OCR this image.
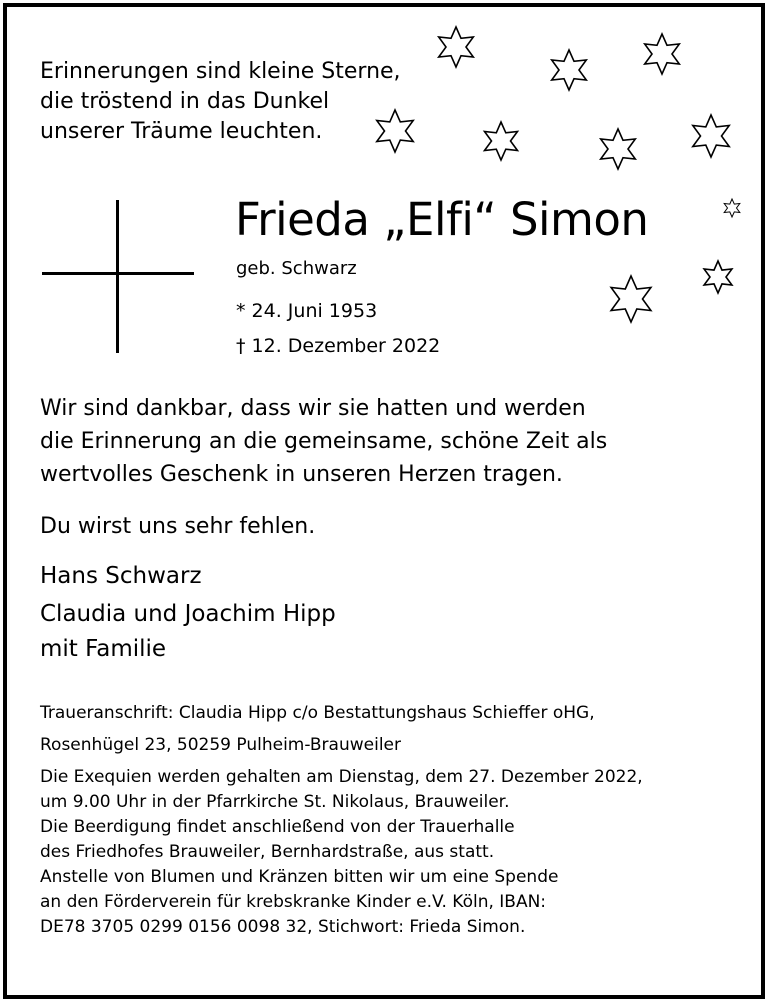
Erinnerungen sind kleine Sterne,
die tröstend in das Dunkel
unserer Träume leuchten.
Frieda „Elfi“ Simon
geb. Schwarz
* 24. Juni 1953
† 12. Dezember 2022
Wir sind dankbar, dass wir sie hatten und werden
die Erinnerung an die gemeinsame, schöne Zeit als
wertvolles Geschenk in unseren Herzen tragen.
Du wirst uns sehr fehlen.
Hans Schwarz
Claudia und Joachim Hipp
mit Familie
Traueranschrift: Claudia Hipp c/o Bestattungshaus Schieffer oHG,
Rosenhügel 23, 50259 Pulheim-Brauweiler
Die Exequien werden gehalten am Dienstag, dem 27. Dezember 2022,
um 9.00 Uhr in der Pfarrkirche St. Nikolaus, Brauweiler.
Die Beerdigung findet anschließend von der Trauerhalle
des Friedhofes Brauweiler, Bernhardstraße, aus statt.
Anstelle von Blumen und Kränzen bitten wir um eine Spende
an den Förderverein für krebskranke Kinder e.V. Köln, IBAN:
DE78 3705 0299 0156 0098 32, Stichwort: Frieda Simon.
